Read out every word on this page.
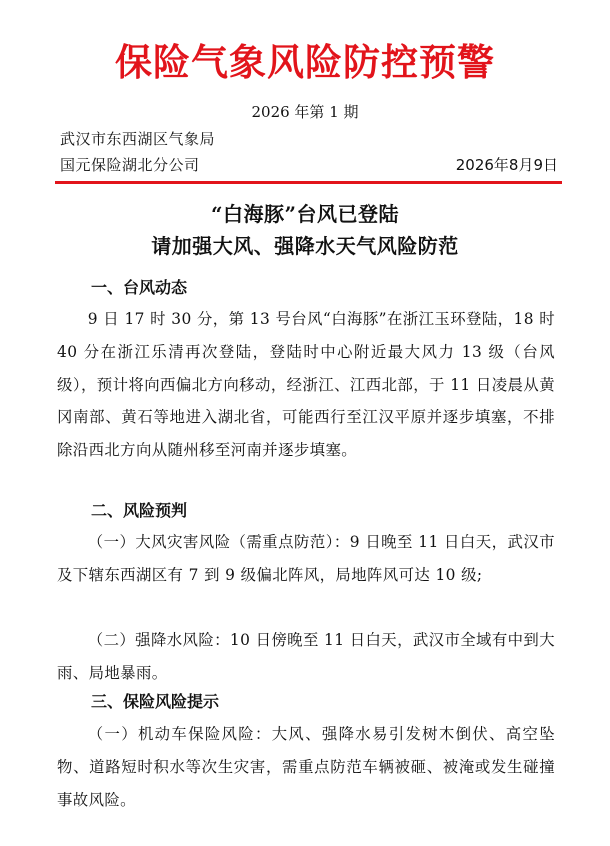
保险气象风险防控预警
2026 年第 1 期
武汉市东西湖区气象局
国元保险湖北分公司	2026年8月9日
“白海豚”台风已登陆
请加强大风、强降水天气风险防范
一、台风动态
9 日 17 时 30 分，第 13 号台风“白海豚”在浙江玉环登陆，18 时 40 分在浙江乐清再次登陆，登陆时中心附近最大风力 13 级（台风级），预计将向西偏北方向移动，经浙江、江西北部，于 11 日凌晨从黄冈南部、黄石等地进入湖北省，可能西行至江汉平原并逐步填塞，不排除沿西北方向从随州移至河南并逐步填塞。
二、风险预判
（一）大风灾害风险（需重点防范）：9 日晚至 11 日白天，武汉市及下辖东西湖区有 7 到 9 级偏北阵风，局地阵风可达 10 级;
（二）强降水风险：10 日傍晚至 11 日白天，武汉市全域有中到大雨、局地暴雨。
三、保险风险提示
（一）机动车保险风险：大风、强降水易引发树木倒伏、高空坠物、道路短时积水等次生灾害，需重点防范车辆被砸、被淹或发生碰撞事故风险。
